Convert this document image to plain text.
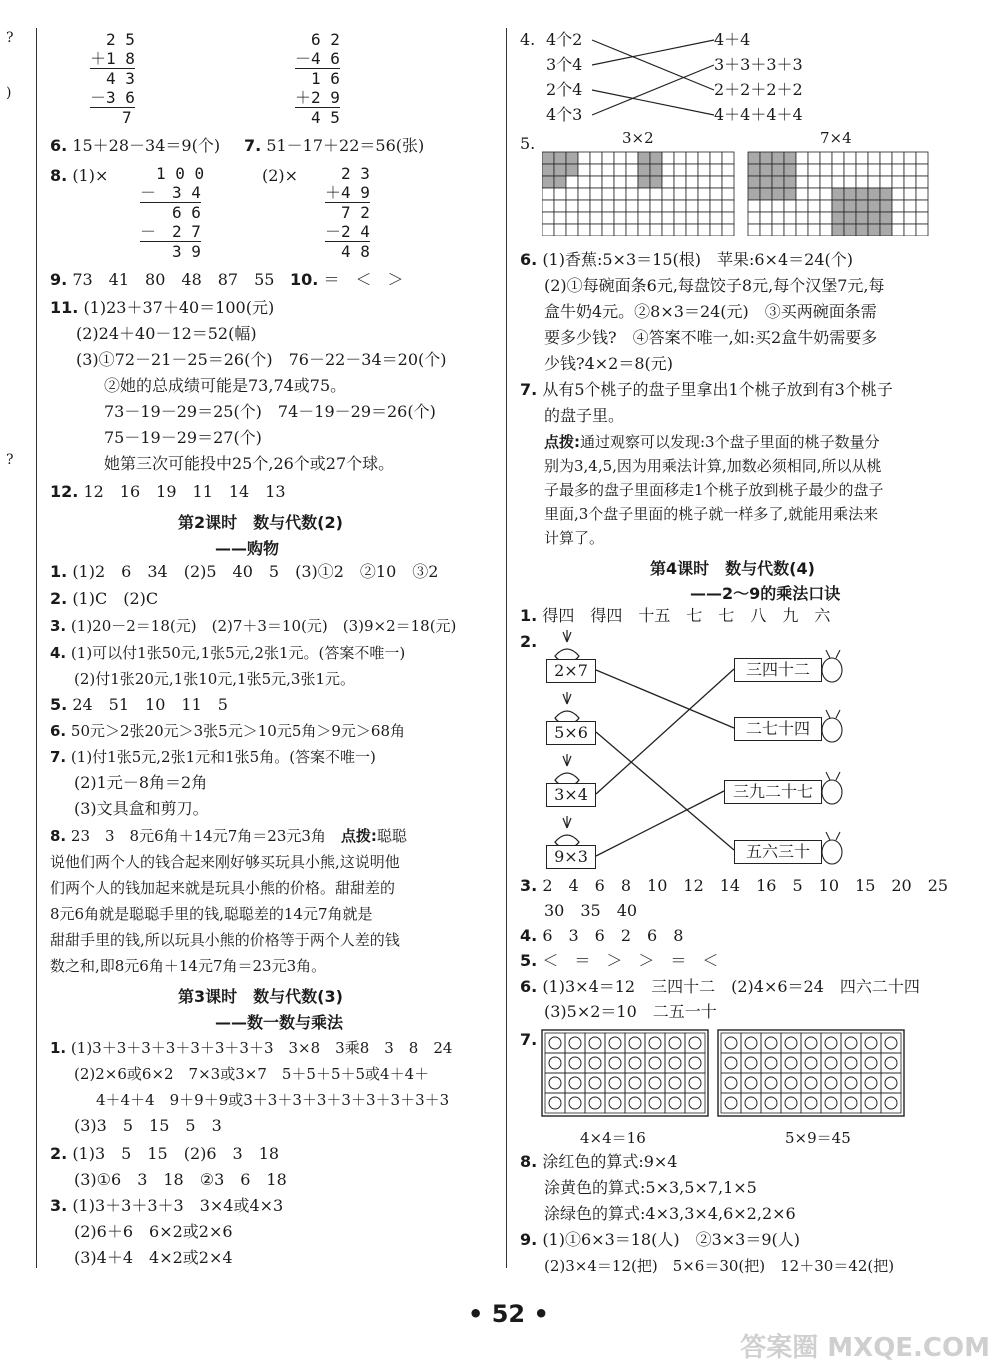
?
)
?
　2 5
＋1 8
　4 3
－3 6
　　7
　6 2
－4 6
　1 6
＋2 9
　4 5
6. 15＋28－34＝9(个) 7. 51－17＋22＝56(张)
8. (1)× 　1 0 0
－　3 4
　　6 6
－　2 7
　　3 9
(2)× 　2 3
＋4 9
　7 2
－2 4
　4 8
9. 73　41　80　48　87　55 10. ＝　＜　＞
11. (1)23＋37＋40＝100(元)
(2)24＋40－12＝52(幅)
(3)①72－21－25＝26(个)　76－22－34＝20(个)
②她的总成绩可能是73,74或75。
73－19－29＝25(个)　74－19－29＝26(个)
75－19－29＝27(个)
她第三次可能投中25个,26个或27个球。
12. 12　16　19　11　14　13
第2课时　数与代数(2)
——购物
1. (1)2　6　34　(2)5　40　5　(3)①2　②10　③2
2. (1)C　(2)C
3. (1)20－2＝18(元)　(2)7＋3＝10(元)　(3)9×2＝18(元)
4. (1)可以付1张50元,1张5元,2张1元。(答案不唯一)
(2)付1张20元,1张10元,1张5元,3张1元。
5. 24　51　10　11　5
6. 50元＞2张20元＞3张5元＞10元5角＞9元＞68角
7. (1)付1张5元,2张1元和1张5角。(答案不唯一)
(2)1元－8角＝2角
(3)文具盒和剪刀。
8. 23　3　8元6角＋14元7角＝23元3角　 点拨:聪聪
说他们两个人的钱合起来刚好够买玩具小熊,这说明他
们两个人的钱加起来就是玩具小熊的价格。甜甜差的
8元6角就是聪聪手里的钱,聪聪差的14元7角就是
甜甜手里的钱,所以玩具小熊的价格等于两个人差的钱
数之和,即8元6角＋14元7角＝23元3角。
第3课时　数与代数(3)
——数一数与乘法
1. (1)3＋3＋3＋3＋3＋3＋3＋3　3×8　3乘8　3　8　24
(2)2×6或6×2　7×3或3×7　5＋5＋5＋5或4＋4＋
4＋4＋4　9＋9＋9或3＋3＋3＋3＋3＋3＋3＋3＋3
(3)3　5　15　5　3
2. (1)3　5　15　(2)6　3　18
(3)①6　3　18　②3　6　18
3. (1)3＋3＋3＋3　3×4或4×3
(2)6＋6　6×2或2×6
(3)4＋4　4×2或2×4
4. 4个2
3个4
2个4
4个3
4＋4
3＋3＋3＋3
2＋2＋2＋2
4＋4＋4＋4
5.	3×2	7×4
6. (1)香蕉:5×3＝15(根)　苹果:6×4＝24(个)
(2)①每碗面条6元,每盘饺子8元,每个汉堡7元,每
盒牛奶4元。②8×3＝24(元)　③买两碗面条需
要多少钱?　④答案不唯一,如:买2盒牛奶需要多
少钱?4×2＝8(元)
7. 从有5个桃子的盘子里拿出1个桃子放到有3个桃子
的盘子里。
点拨:通过观察可以发现:3个盘子里面的桃子数量分
别为3,4,5,因为用乘法计算,加数必须相同,所以从桃
子最多的盘子里面移走1个桃子放到桃子最少的盘子
里面,3个盘子里面的桃子就一样多了,就能用乘法来
计算了。
第4课时　数与代数(4)
——2～9的乘法口诀
1. 得四　得四　十五　七　七　八　九　六
2.
2×7
5×6
3×4
9×3
三四十二
二七十四
三九二十七
五六三十
3. 2　4　6　8　10　12　14　16　5　10　15　20　25
30　35　40
4. 6　3　6　2　6　8
5. ＜　＝　＞　＞　＝　＜
6. (1)3×4＝12　三四十二　(2)4×6＝24　四六二十四
(3)5×2＝10　二五一十
7.
4×4＝16	5×9＝45
8. 涂红色的算式:9×4
涂黄色的算式:5×3,5×7,1×5
涂绿色的算式:4×3,3×4,6×2,2×6
9. (1)①6×3＝18(人)　②3×3＝9(人)
(2)3×4＝12(把)　5×6＝30(把)　12＋30＝42(把)
• 52 •
答案圈 MXQE.COM
